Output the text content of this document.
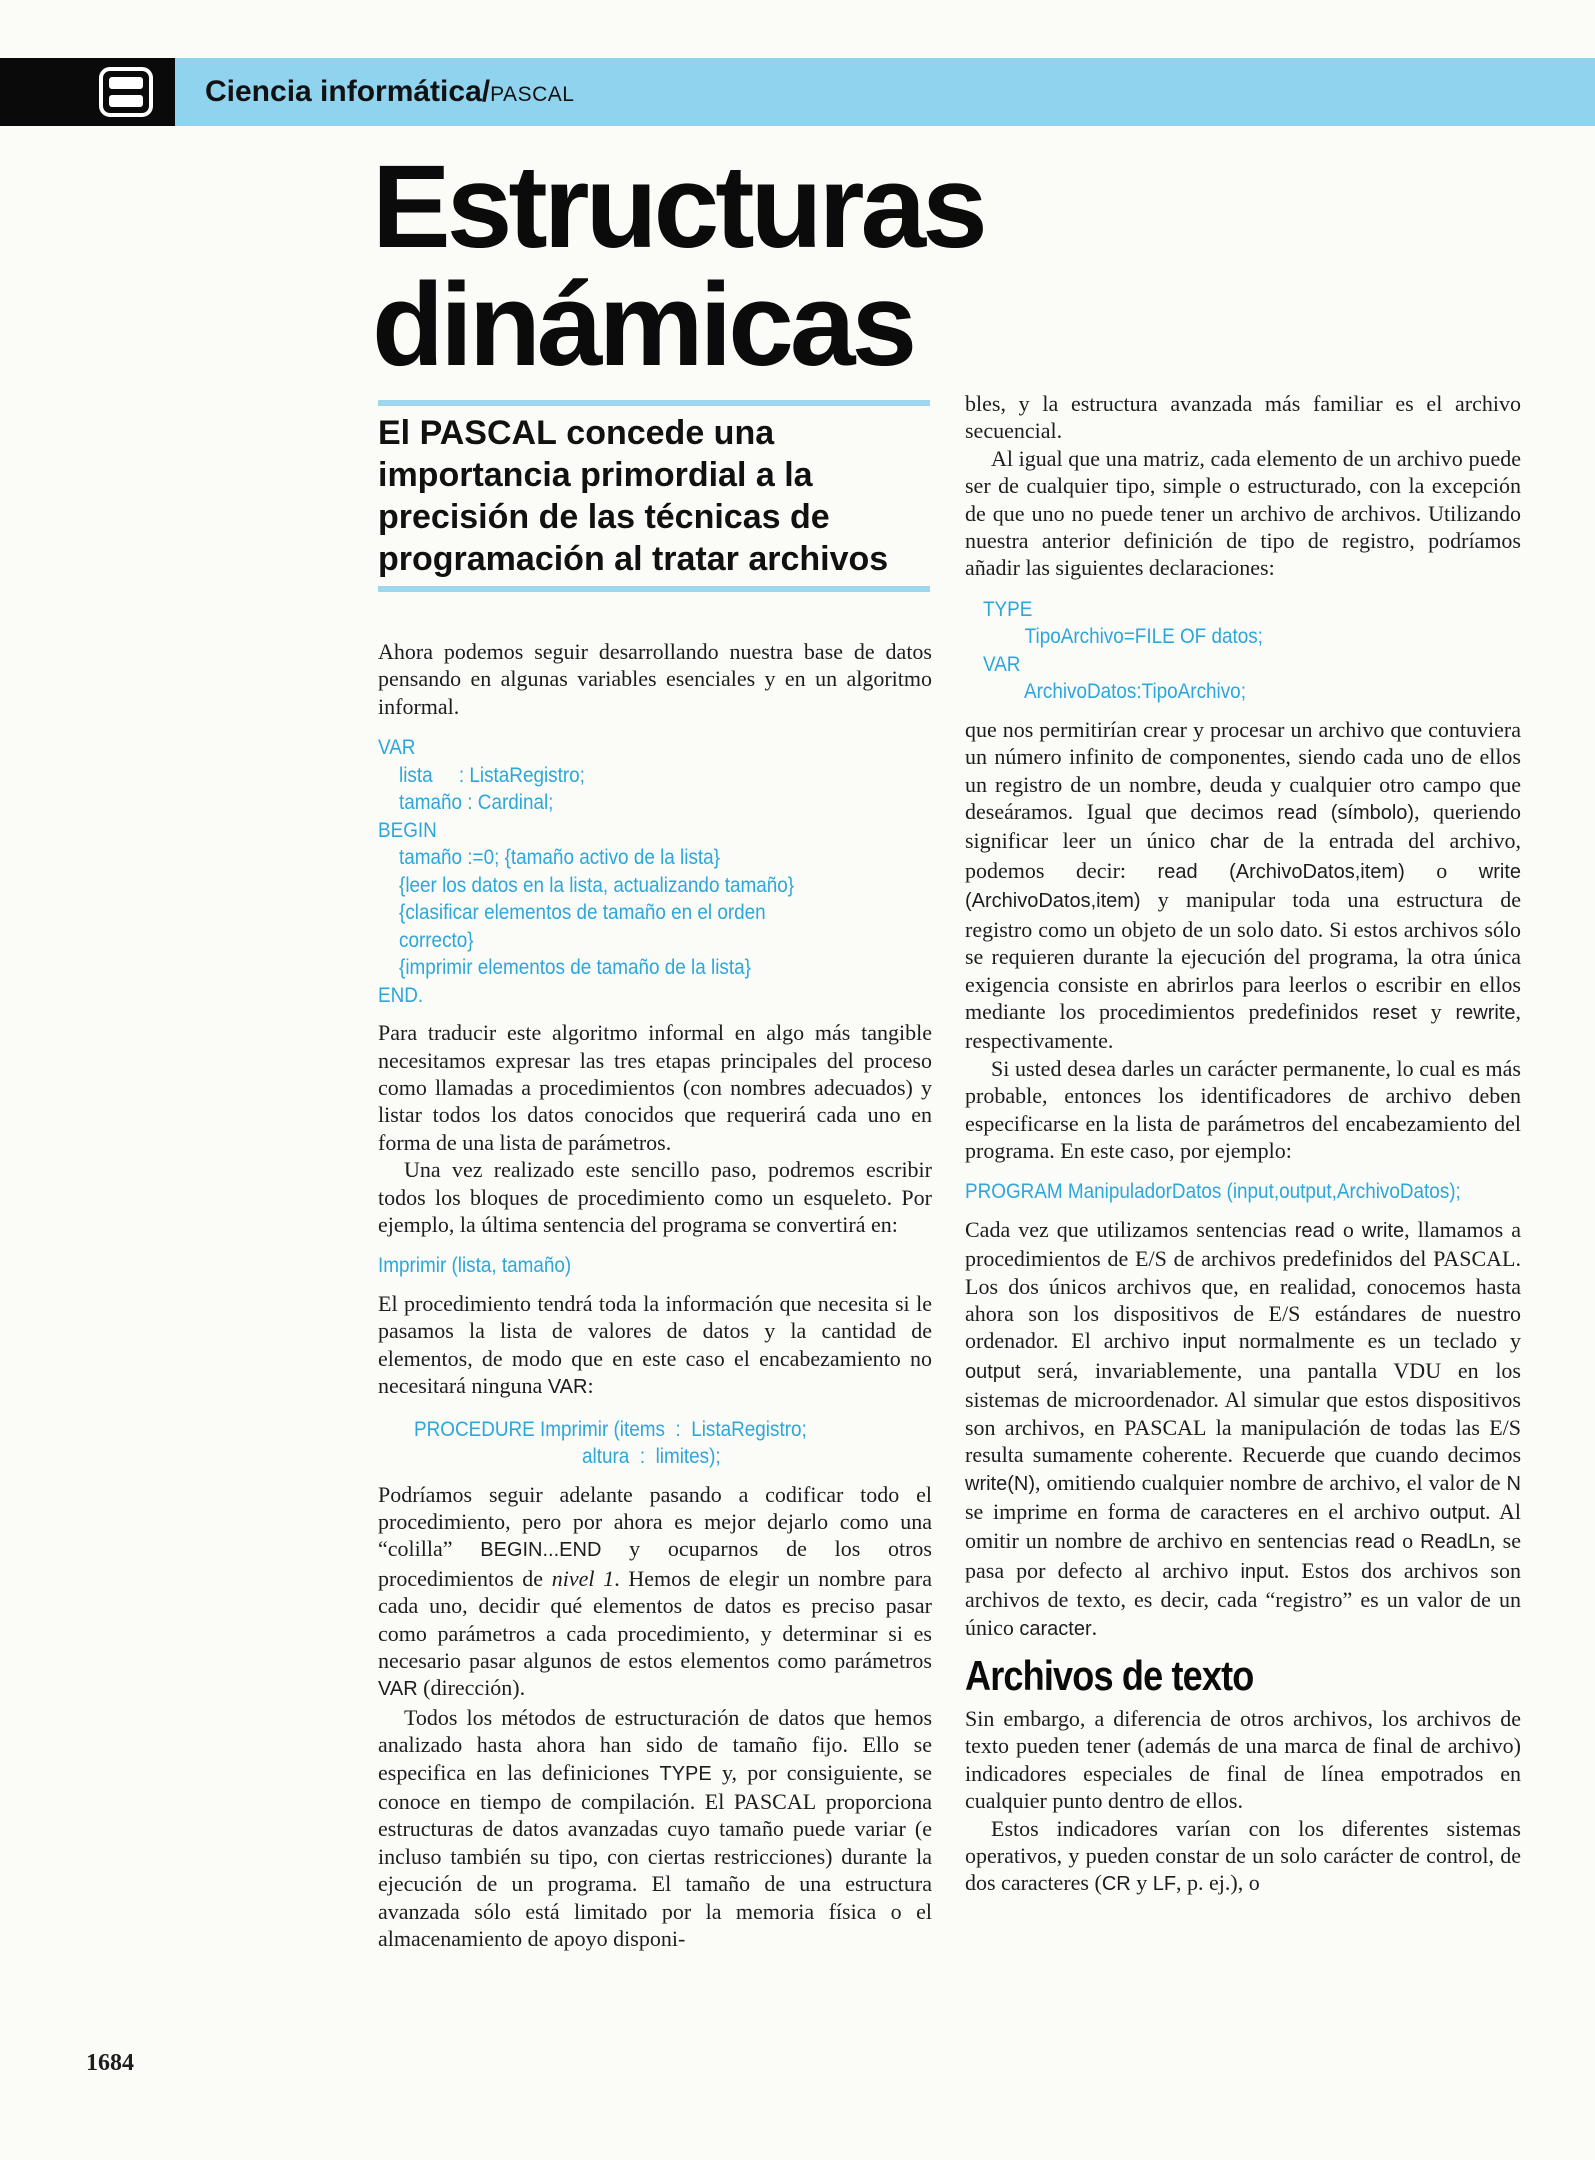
Ciencia informática/PASCAL
Estructuras
dinámicas
El PASCAL concede una importancia primordial a la precisión de las técnicas de programación al tratar archivos

Ahora podemos seguir desarrollando nuestra base de datos pensando en algunas variables esenciales y en un algoritmo informal.

VAR
lista     : ListaRegistro;
tamaño : Cardinal;
BEGIN
tamaño :=0; {tamaño activo de la lista}
{leer los datos en la lista, actualizando tamaño}
{clasificar elementos de tamaño en el orden
correcto}
{imprimir elementos de tamaño de la lista}
END.

Para traducir este algoritmo informal en algo más tangible necesitamos expresar las tres etapas principales del proceso como llamadas a procedimientos (con nombres adecuados) y listar todos los datos conocidos que requerirá cada uno en forma de una lista de parámetros.

Una vez realizado este sencillo paso, podremos escribir todos los bloques de procedimiento como un esqueleto. Por ejemplo, la última sentencia del programa se convertirá en:

Imprimir (lista, tamaño)

El procedimiento tendrá toda la información que necesita si le pasamos la lista de valores de datos y la cantidad de elementos, de modo que en este caso el encabezamiento no necesitará ninguna VAR:

PROCEDURE Imprimir (items  :  ListaRegistro;
altura  :  limites);

Podríamos seguir adelante pasando a codificar todo el procedimiento, pero por ahora es mejor dejarlo como una “colilla” BEGIN...END y ocuparnos de los otros procedimientos de nivel 1. Hemos de elegir un nombre para cada uno, decidir qué elementos de datos es preciso pasar como parámetros a cada procedimiento, y determinar si es necesario pasar algunos de estos elementos como parámetros VAR (dirección).

Todos los métodos de estructuración de datos que hemos analizado hasta ahora han sido de tamaño fijo. Ello se especifica en las definiciones TYPE y, por consiguiente, se conoce en tiempo de compilación. El PASCAL proporciona estructuras de datos avanzadas cuyo tamaño puede variar (e incluso también su tipo, con ciertas restricciones) durante la ejecución de un programa. El tamaño de una estructura avanzada sólo está limitado por la memoria física o el almacenamiento de apoyo disponi-

bles, y la estructura avanzada más familiar es el archivo secuencial.

Al igual que una matriz, cada elemento de un archivo puede ser de cualquier tipo, simple o estructurado, con la excepción de que uno no puede tener un archivo de archivos. Utilizando nuestra anterior definición de tipo de registro, podríamos añadir las siguientes declaraciones:

TYPE
TipoArchivo=FILE OF datos;
VAR
ArchivoDatos:TipoArchivo;

que nos permitirían crear y procesar un archivo que contuviera un número infinito de componentes, siendo cada uno de ellos un registro de un nombre, deuda y cualquier otro campo que deseáramos. Igual que decimos read (símbolo), queriendo significar leer un único char de la entrada del archivo, podemos decir: read (ArchivoDatos,item) o write (ArchivoDatos,item) y manipular toda una estructura de registro como un objeto de un solo dato. Si estos archivos sólo se requieren durante la ejecución del programa, la otra única exigencia consiste en abrirlos para leerlos o escribir en ellos mediante los procedimientos predefinidos reset y rewrite, respectivamente.

Si usted desea darles un carácter permanente, lo cual es más probable, entonces los identificadores de archivo deben especificarse en la lista de parámetros del encabezamiento del programa. En este caso, por ejemplo:

PROGRAM ManipuladorDatos (input,output,ArchivoDatos);

Cada vez que utilizamos sentencias read o write, llamamos a procedimientos de E/S de archivos predefinidos del PASCAL. Los dos únicos archivos que, en realidad, conocemos hasta ahora son los dispositivos de E/S estándares de nuestro ordenador. El archivo input normalmente es un teclado y output será, invariablemente, una pantalla VDU en los sistemas de microordenador. Al simular que estos dispositivos son archivos, en PASCAL la manipulación de todas las E/S resulta sumamente coherente. Recuerde que cuando decimos write(N), omitiendo cualquier nombre de archivo, el valor de N se imprime en forma de caracteres en el archivo output. Al omitir un nombre de archivo en sentencias read o ReadLn, se pasa por defecto al archivo input. Estos dos archivos son archivos de texto, es decir, cada “registro” es un valor de un único caracter.

Archivos de texto

Sin embargo, a diferencia de otros archivos, los archivos de texto pueden tener (además de una marca de final de archivo) indicadores especiales de final de línea empotrados en cualquier punto dentro de ellos.

Estos indicadores varían con los diferentes sistemas operativos, y pueden constar de un solo carácter de control, de dos caracteres (CR y LF, p. ej.), o

1684
